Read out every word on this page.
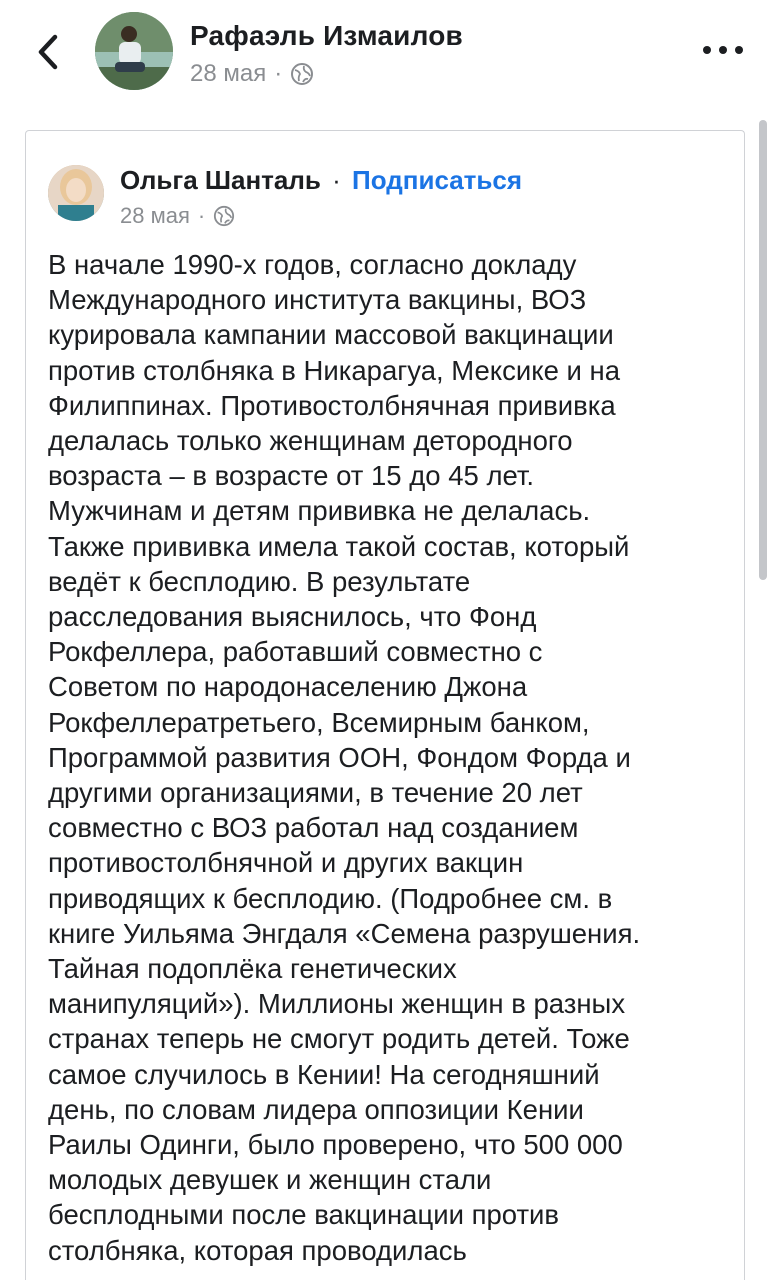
Рафаэль Измаилов
28 мая ·
Ольга Шанталь · Подписаться
28 мая ·
В начале 1990-х годов, согласно докладу
Международного института вакцины, ВОЗ
курировала кампании массовой вакцинации
против столбняка в Никарагуа, Мексике и на
Филиппинах. Противостолбнячная прививка
делалась только женщинам детородного
возраста – в возрасте от 15 до 45 лет.
Мужчинам и детям прививка не делалась.
Также прививка имела такой состав, который
ведёт к бесплодию. В результате
расследования выяснилось, что Фонд
Рокфеллера, работавший совместно с
Советом по народонаселению Джона
Рокфеллератретьего, Всемирным банком,
Программой развития ООН, Фондом Форда и
другими организациями, в течение 20 лет
совместно с ВОЗ работал над созданием
противостолбнячной и других вакцин
приводящих к бесплодию. (Подробнее см. в
книге Уильяма Энгдаля «Семена разрушения.
Тайная подоплёка генетических
манипуляций»). Миллионы женщин в разных
странах теперь не смогут родить детей. Тоже
самое случилось в Кении! На сегодняшний
день, по словам лидера оппозиции Кении
Раилы Одинги, было проверено, что 500 000
молодых девушек и женщин стали
бесплодными после вакцинации против
столбняка, которая проводилась
